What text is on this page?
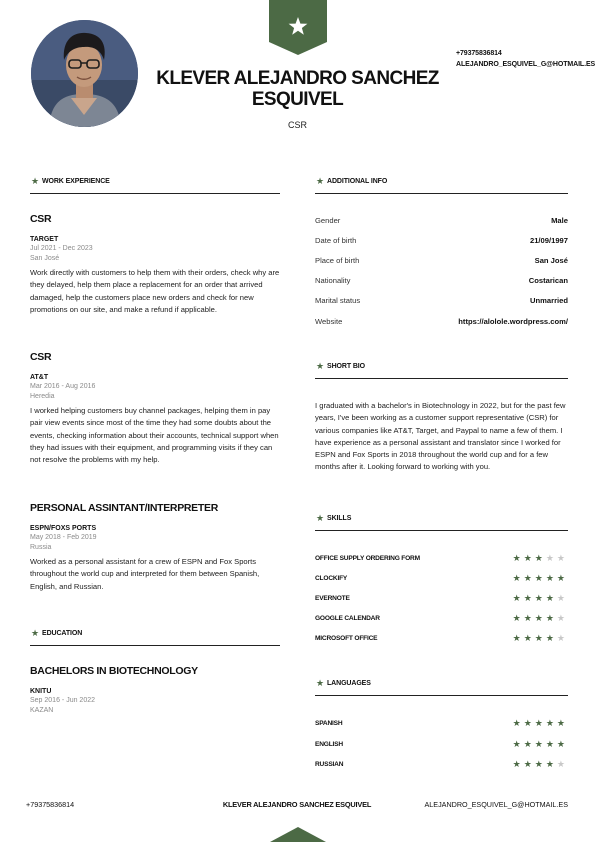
KLEVER ALEJANDRO SANCHEZ ESQUIVEL
CSR
+79375836814
ALEJANDRO_ESQUIVEL_G@HOTMAIL.ES
★ WORK EXPERIENCE
CSR
TARGET
Jul 2021 - Dec 2023
San José
Work directly with customers to help them with their orders, check why are they delayed, help them place a replacement for an order that arrived damaged, help the customers place new orders and check for new promotions on our site, and make a refund if applicable.
CSR
AT&T
Mar 2016 - Aug 2016
Heredia
I worked helping customers buy channel packages, helping them in pay pair view events since most of the time they had some doubts about the events, checking information about their accounts, technical support when they had issues with their equipment, and programming visits if they can not resolve the problems with my help.
PERSONAL ASSINTANT/INTERPRETER
ESPN/FOXS PORTS
May 2018 - Feb 2019
Russia
Worked as a personal assistant for a crew of ESPN and Fox Sports throughout the world cup and interpreted for them between Spanish, English, and Russian.
★ EDUCATION
BACHELORS IN BIOTECHNOLOGY
KNITU
Sep 2016 - Jun 2022
KAZAN
★ ADDITIONAL INFO
Gender	Male
Date of birth	21/09/1997
Place of birth	San José
Nationality	Costarican
Marital status	Unmarried
Website	https://alolole.wordpress.com/
★ SHORT BIO
I graduated with a bachelor's in Biotechnology in 2022, but for the past few years, I've been working as a customer support representative (CSR) for various companies like AT&T, Target, and Paypal to name a few of them. I have experience as a personal assistant and translator since I worked for ESPN and Fox Sports in 2018 throughout the world cup and for a few months after it. Looking forward to working with you.
★ SKILLS
OFFICE SUPPLY ORDERING FORM	★★★★★
CLOCKIFY	★★★★★
EVERNOTE	★★★★★
GOOGLE CALENDAR	★★★★★
MICROSOFT OFFICE	★★★★★
★ LANGUAGES
SPANISH	★★★★★
ENGLISH	★★★★★
RUSSIAN	★★★★★
+79375836814	KLEVER ALEJANDRO SANCHEZ ESQUIVEL	ALEJANDRO_ESQUIVEL_G@HOTMAIL.ES
